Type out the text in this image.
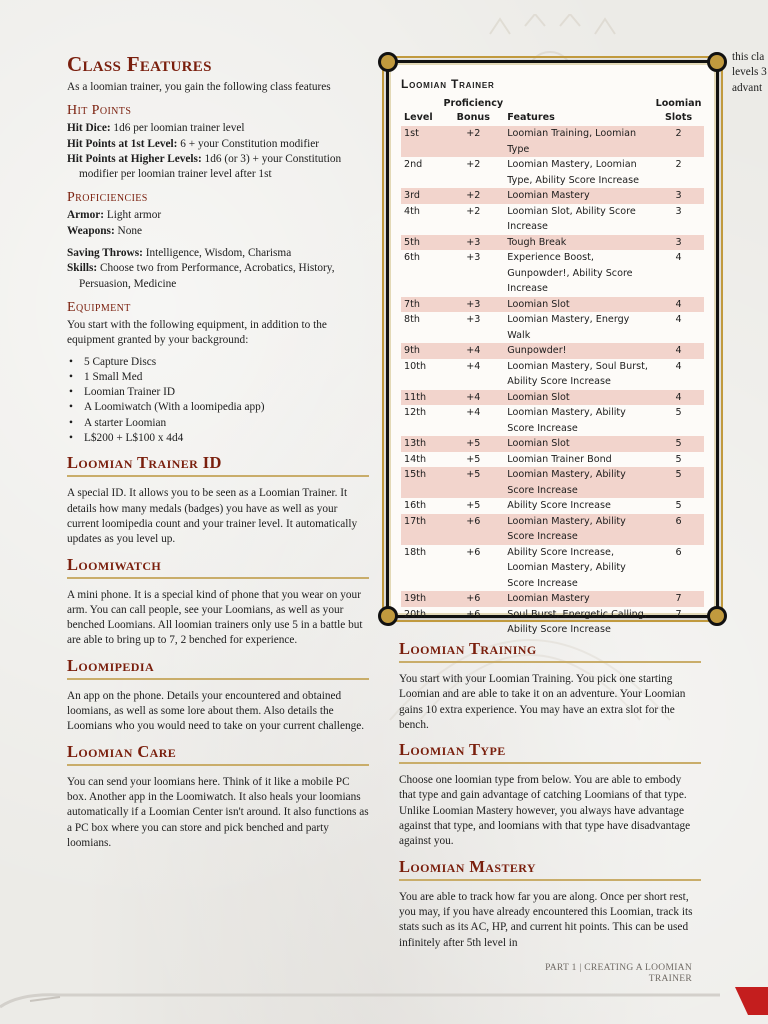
Class Features

As a loomian trainer, you gain the following class features

Hit Points

Hit Dice: 1d6 per loomian trainer level

Hit Points at 1st Level: 6 + your Constitution modifier

Hit Points at Higher Levels: 1d6 (or 3) + your Constitution modifier per loomian trainer level after 1st

Proficiencies

Armor: Light armor

Weapons: None

Saving Throws: Intelligence, Wisdom, Charisma

Skills: Choose two from Performance, Acrobatics, History, Persuasion, Medicine

Equipment

You start with the following equipment, in addition to the equipment granted by your background:

• 5 Capture Discs
• 1 Small Med
• Loomian Trainer ID
• A Loomiwatch (With a loomipedia app)
• A starter Loomian
• L$200 + L$100 x 4d4
Loomian Trainer ID

A special ID. It allows you to be seen as a Loomian Trainer. It details how many medals (badges) you have as well as your current loomipedia count and your trainer level. It automatically updates as you level up.

Loomiwatch

A mini phone. It is a special kind of phone that you wear on your arm. You can call people, see your Loomians, as well as your benched Loomians. All loomian trainers only use 5 in a battle but are able to bring up to 7, 2 benched for experience.

Loomipedia

An app on the phone. Details your encountered and obtained loomians, as well as some lore about them. Also details the Loomians who you would need to take on your current challenge.

Loomian Care

You can send your loomians here. Think of it like a mobile PC box. Another app in the Loomiwatch. It also heals your loomians automatically if a Loomian Center isn't around. It also functions as a PC box where you can store and pick benched and party loomians.

Loomian Trainer
Level	Proficiency
Bonus	Features	Loomian
Slots
1st	+2	Loomian Training, Loomian Type	2
2nd	+2	Loomian Mastery, Loomian Type, Ability Score Increase	2
3rd	+2	Loomian Mastery	3
4th	+2	Loomian Slot, Ability Score Increase	3
5th	+3	Tough Break	3
6th	+3	Experience Boost, Gunpowder!, Ability Score Increase	4
7th	+3	Loomian Slot	4
8th	+3	Loomian Mastery, Energy Walk	4
9th	+4	Gunpowder!	4
10th	+4	Loomian Mastery, Soul Burst, Ability Score Increase	4
11th	+4	Loomian Slot	4
12th	+4	Loomian Mastery, Ability Score Increase	5
13th	+5	Loomian Slot	5
14th	+5	Loomian Trainer Bond	5
15th	+5	Loomian Mastery, Ability Score Increase	5
16th	+5	Ability Score Increase	5
17th	+6	Loomian Mastery, Ability Score Increase	6
18th	+6	Ability Score Increase, Loomian Mastery, Ability Score Increase	6
19th	+6	Loomian Mastery	7
20th	+6	Soul Burst, Energetic Calling, Ability Score Increase	7
Loomian Training

You start with your Loomian Training. You pick one starting Loomian and are able to take it on an adventure. Your Loomian gains 10 extra experience. You may have an extra slot for the bench.

Loomian Type

Choose one loomian type from below. You are able to embody that type and gain advantage of catching Loomians of that type. Unlike Loomian Mastery however, you always have advantage against that type, and loomians with that type have disadvantage against you.

Loomian Mastery

You are able to track how far you are along. Once per short rest, you may, if you have already encountered this Loomian, track its stats such as its AC, HP, and current hit points. This can be used infinitely after 5th level in

this cla
levels 3
advant
PART 1 | CREATING A LOOMIAN TRAINER
